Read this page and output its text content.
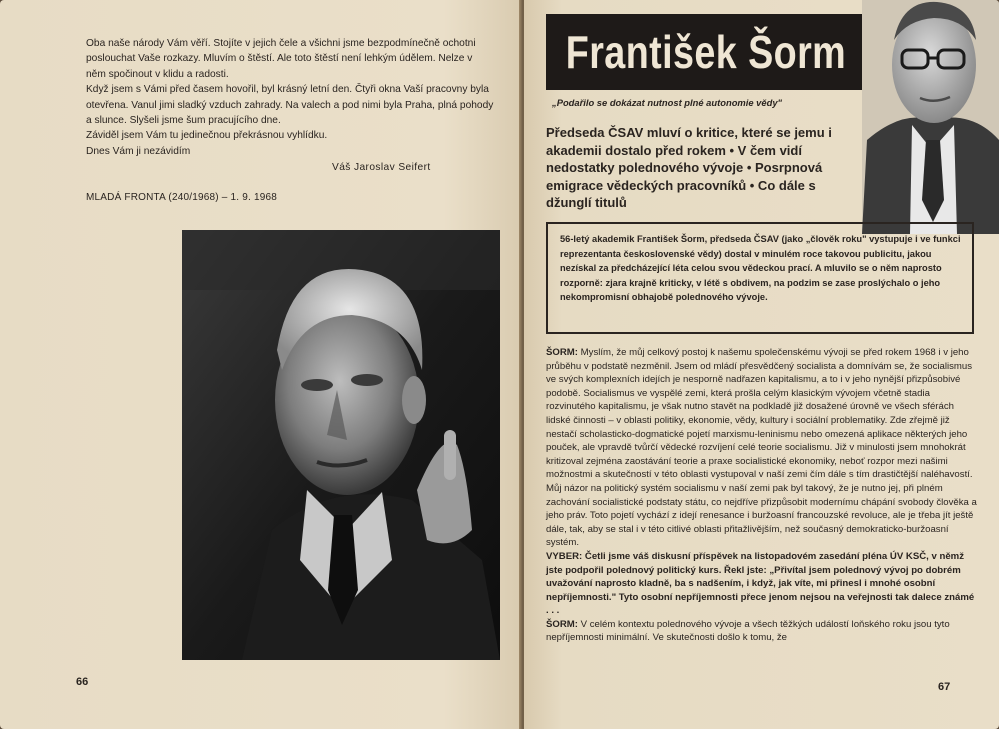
Oba naše národy Vám věří. Stojíte v jejich čele a všichni jsme bezpodmínečně ochotni poslouchat Vaše rozkazy. Mluvím o štěstí. Ale toto štěstí není lehkým údělem. Nelze v něm spočinout v klidu a radosti.

Když jsem s Vámi před časem hovořil, byl krásný letní den. Čtyři okna Vaší pracovny byla otevřena. Vanul jimi sladký vzduch zahrady. Na valech a pod nimi byla Praha, plná pohody a slunce. Slyšeli jsme šum pracujícího dne.

Záviděl jsem Vám tu jedinečnou překrásnou vyhlídku.

Dnes Vám ji nezávidím

Váš Jaroslav Seifert
MLADÁ FRONTA (240/1968) – 1. 9. 1968
66
František Šorm
„Podařilo se dokázat nutnost plné autonomie vědy"
Předseda ČSAV mluví o kritice, které se jemu i akademii dostalo před rokem • V čem vidí nedostatky polednového vývoje • Posrpnová emigrace vědeckých pracovníků • Co dále s džunglí titulů

56-letý akademik František Šorm, předseda ČSAV (jako „člověk roku" vystupuje i ve funkci reprezentanta československé vědy) dostal v minulém roce takovou publicitu, jakou nezískal za předcházející léta celou svou vědeckou prací. A mluvilo se o něm naprosto rozporně: zjara krajně kriticky, v létě s obdivem, na podzim se zase proslýchalo o jeho nekompromisní obhajobě polednového vývoje.

ŠORM: Myslím, že můj celkový postoj k našemu společenskému vývoji se před rokem 1968 i v jeho průběhu v podstatě nezměnil. Jsem od mládí přesvědčený socialista a domnívám se, že socialismus ve svých komplexních idejích je nesporně nadřazen kapitalismu, a to i v jeho nynější přizpůsobivé podobě. Socialismus ve vyspělé zemi, která prošla celým klasickým vývojem včetně stadia rozvinutého kapitalismu, je však nutno stavět na podkladě již dosažené úrovně ve všech sférách lidské činnosti – v oblasti politiky, ekonomie, vědy, kultury i sociální problematiky. Zde zřejmě již nestačí scholasticko-dogmatické pojetí marxismu-leninismu nebo omezená aplikace některých jeho pouček, ale vpravdě tvůrčí vědecké rozvíjení celé teorie socialismu. Již v minulosti jsem mnohokrát kritizoval zejména zaostávání teorie a praxe socialistické ekonomiky, neboť rozpor mezi našimi možnostmi a skutečností v této oblasti vystupoval v naší zemi čím dále s tím drastičtější naléhavostí.

Můj názor na politický systém socialismu v naší zemi pak byl takový, že je nutno jej, při plném zachování socialistické podstaty státu, co nejdříve přizpůsobit modernímu chápání svobody člověka a jeho práv. Toto pojetí vychází z idejí renesance i buržoasní francouzské revoluce, ale je třeba jít ještě dále, tak, aby se stal i v této citlivé oblasti přitažlivějším, než současný demokraticko-buržoasní systém.

VYBER: Četli jsme váš diskusní příspěvek na listopadovém zasedání pléna ÚV KSČ, v němž jste podpořil polednový politický kurs. Řekl jste: „Přivítal jsem polednový vývoj po dobrém uvažování naprosto kladně, ba s nadšením, i když, jak víte, mi přinesl i mnohé osobní nepříjemnosti." Tyto osobní nepříjemnosti přece jenom nejsou na veřejnosti tak dalece známé . . .

ŠORM: V celém kontextu polednového vývoje a všech těžkých událostí loňského roku jsou tyto nepříjemnosti minimální. Ve skutečnosti došlo k tomu, že

67
